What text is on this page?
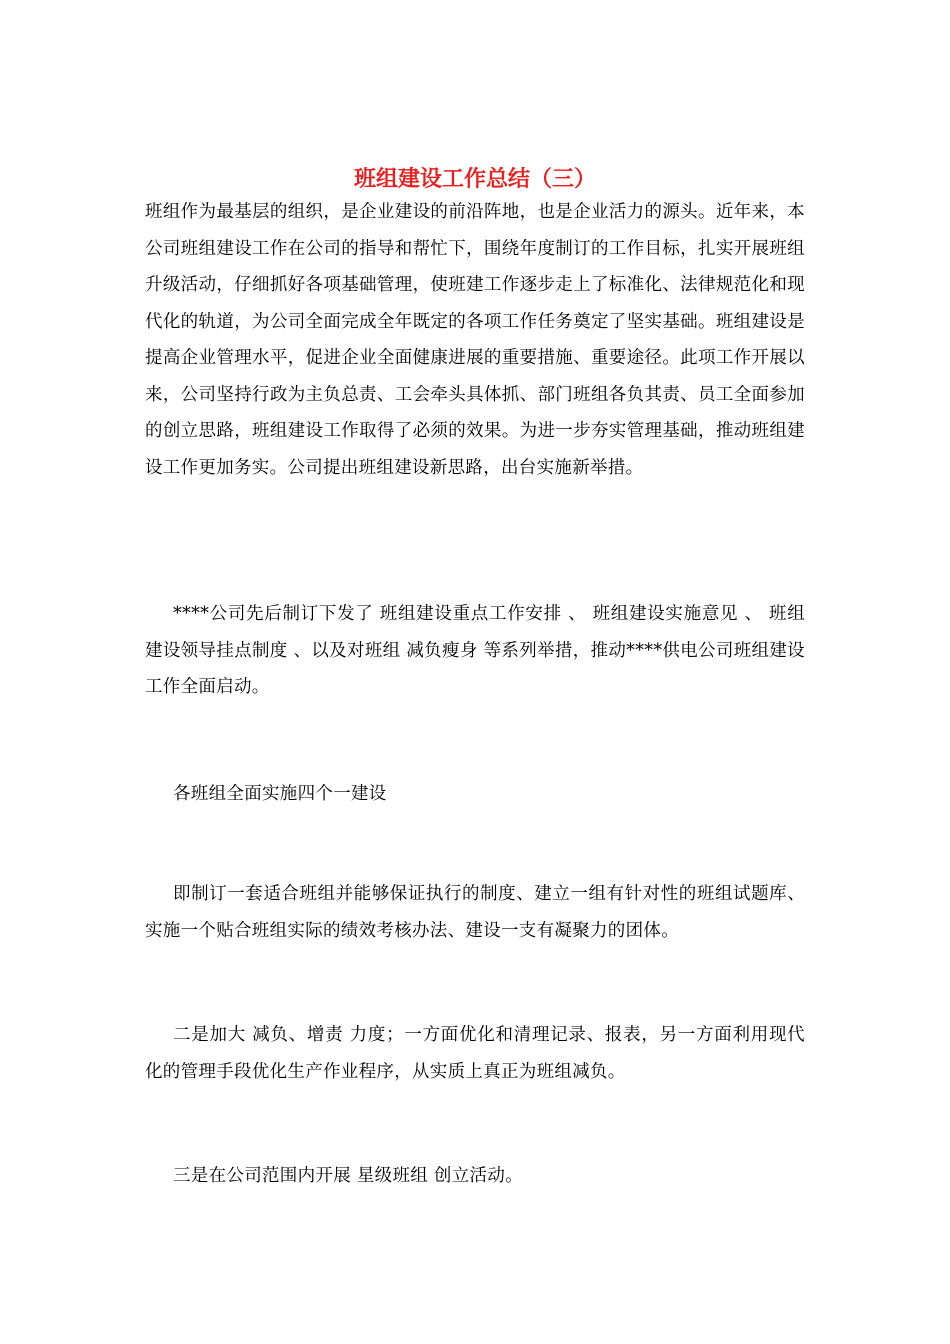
班组建设工作总结（三）

班组作为最基层的组织，是企业建设的前沿阵地，也是企业活力的源头。近年来，本公司班组建设工作在公司的指导和帮忙下，围绕年度制订的工作目标，扎实开展班组升级活动，仔细抓好各项基础管理，使班建工作逐步走上了标准化、法律规范化和现代化的轨道，为公司全面完成全年既定的各项工作任务奠定了坚实基础。班组建设是提高企业管理水平，促进企业全面健康进展的重要措施、重要途径。此项工作开展以来，公司坚持行政为主负总责、工会牵头具体抓、部门班组各负其责、员工全面参加的创立思路，班组建设工作取得了必须的效果。为进一步夯实管理基础，推动班组建设工作更加务实。公司提出班组建设新思路，出台实施新举措。

****公司先后制订下发了 班组建设重点工作安排 、 班组建设实施意见 、 班组建设领导挂点制度 、以及对班组 减负瘦身 等系列举措，推动****供电公司班组建设工作全面启动。

各班组全面实施四个一建设

即制订一套适合班组并能够保证执行的制度、建立一组有针对性的班组试题库、实施一个贴合班组实际的绩效考核办法、建设一支有凝聚力的团体。

二是加大 减负、增责 力度；一方面优化和清理记录、报表，另一方面利用现代化的管理手段优化生产作业程序，从实质上真正为班组减负。

三是在公司范围内开展 星级班组 创立活动。
